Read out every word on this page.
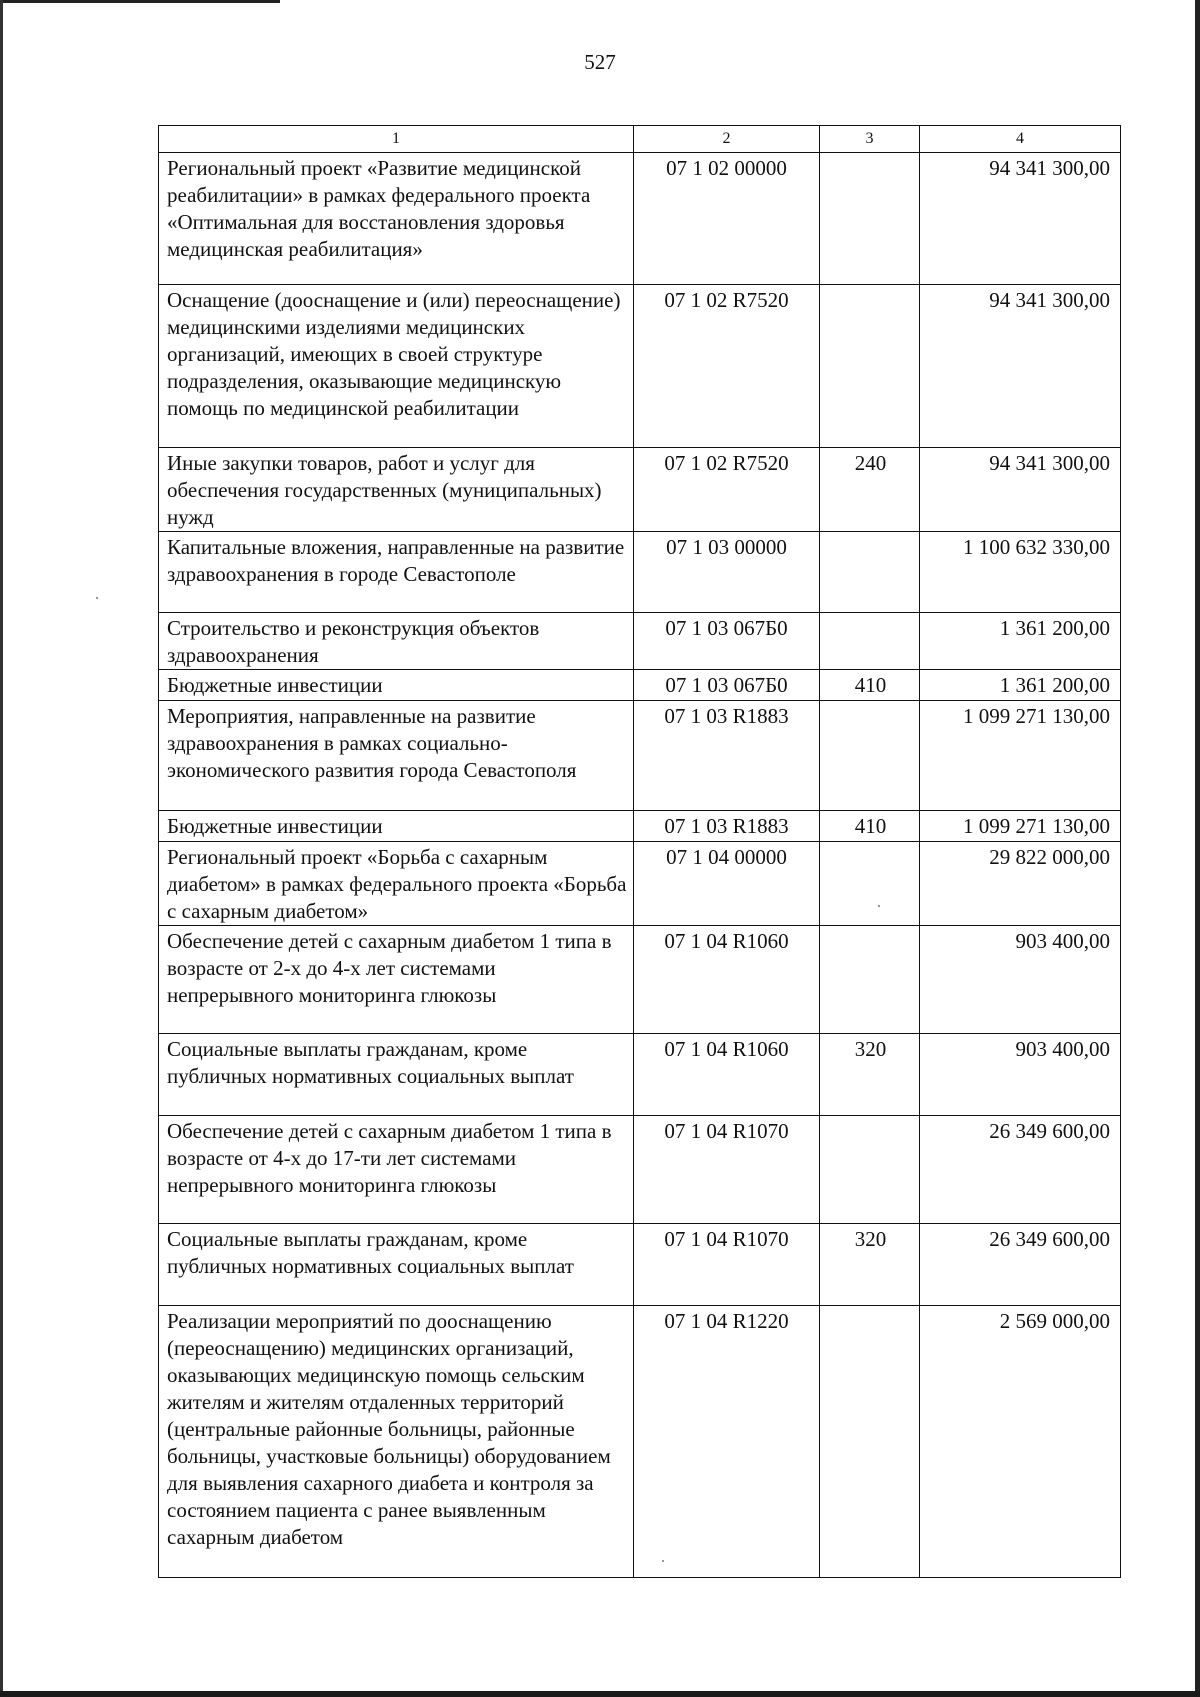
527
1	2	3	4
Региональный проект «Развитие медицинской реабилитации» в рамках федерального проекта «Оптимальная для восстановления здоровья медицинская реабилитация»	07 1 02 00000		94 341 300,00
Оснащение (дооснащение и (или) переоснащение) медицинскими изделиями медицинских организаций, имеющих в своей структуре подразделения, оказывающие медицинскую помощь по медицинской реабилитации	07 1 02 R7520		94 341 300,00
Иные закупки товаров, работ и услуг для обеспечения государственных (муниципальных) нужд	07 1 02 R7520	240	94 341 300,00
Капитальные вложения, направленные на развитие здравоохранения в городе Севастополе	07 1 03 00000		1 100 632 330,00
Строительство и реконструкция объектов здравоохранения	07 1 03 067Б0		1 361 200,00
Бюджетные инвестиции	07 1 03 067Б0	410	1 361 200,00
Мероприятия, направленные на развитие здравоохранения в рамках социально-экономического развития города Севастополя	07 1 03 R1883		1 099 271 130,00
Бюджетные инвестиции	07 1 03 R1883	410	1 099 271 130,00
Региональный проект «Борьба с сахарным диабетом» в рамках федерального проекта «Борьба с сахарным диабетом»	07 1 04 00000		29 822 000,00
Обеспечение детей с сахарным диабетом 1 типа в возрасте от 2-х до 4-х лет системами непрерывного мониторинга глюкозы	07 1 04 R1060		903 400,00
Социальные выплаты гражданам, кроме публичных нормативных социальных выплат	07 1 04 R1060	320	903 400,00
Обеспечение детей с сахарным диабетом 1 типа в возрасте от 4-х до 17-ти лет системами непрерывного мониторинга глюкозы	07 1 04 R1070		26 349 600,00
Социальные выплаты гражданам, кроме публичных нормативных социальных выплат	07 1 04 R1070	320	26 349 600,00
Реализации мероприятий по дооснащению (переоснащению) медицинских организаций, оказывающих медицинскую помощь сельским жителям и жителям отдаленных территорий (центральные районные больницы, районные больницы, участковые больницы) оборудованием для выявления сахарного диабета и контроля за состоянием пациента с ранее выявленным сахарным диабетом	07 1 04 R1220		2 569 000,00
